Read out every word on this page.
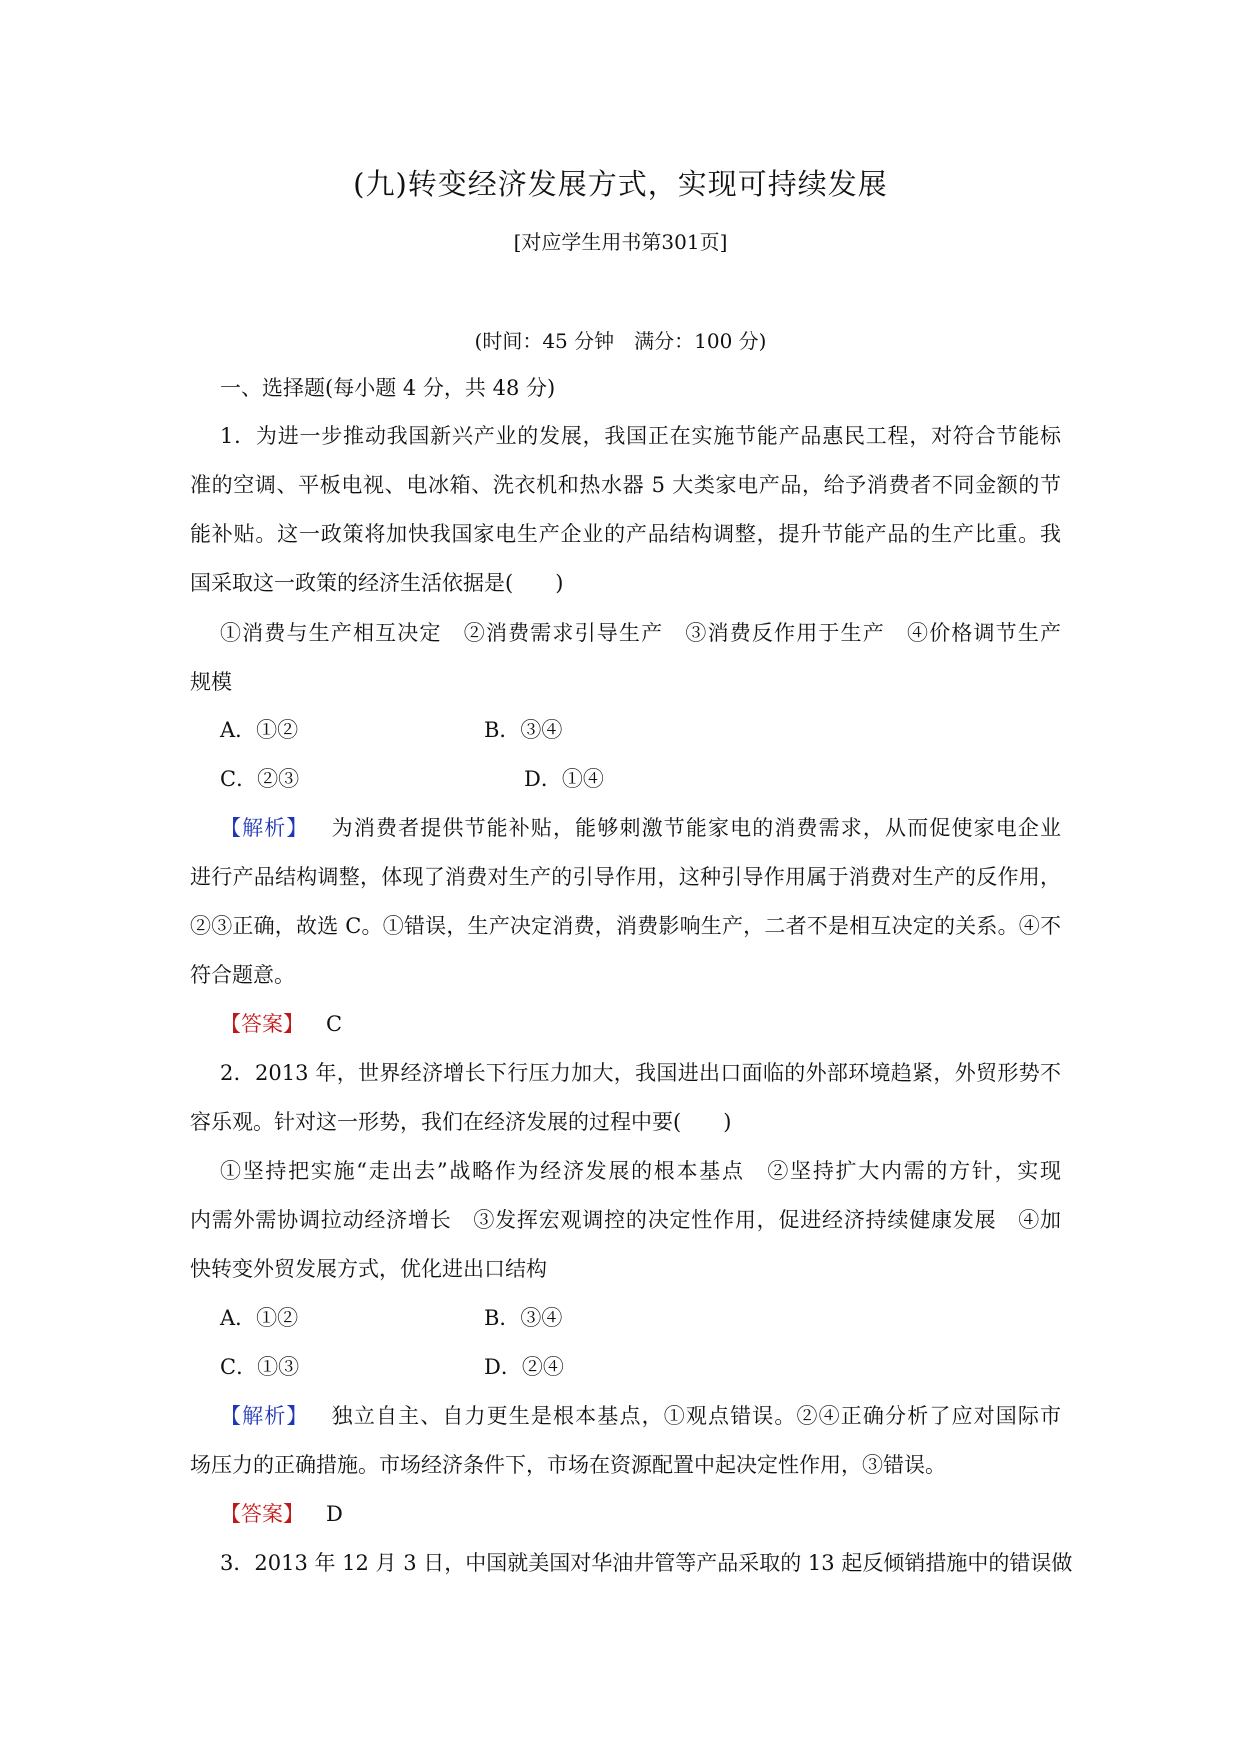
(九)转变经济发展方式，实现可持续发展
[对应学生用书第301页]
(时间：45 分钟　满分：100 分)
一、选择题(每小题 4 分，共 48 分)
1．为进一步推动我国新兴产业的发展，我国正在实施节能产品惠民工程，对符合节能标
准的空调、平板电视、电冰箱、洗衣机和热水器 5 大类家电产品，给予消费者不同金额的节
能补贴。这一政策将加快我国家电生产企业的产品结构调整，提升节能产品的生产比重。我
国采取这一政策的经济生活依据是(　　)
①消费与生产相互决定　②消费需求引导生产　③消费反作用于生产　④价格调节生产
规模
A．①②	B．③④
C．②③	D．①④
【解析】 为消费者提供节能补贴，能够刺激节能家电的消费需求，从而促使家电企业
进行产品结构调整，体现了消费对生产的引导作用，这种引导作用属于消费对生产的反作用，
②③正确，故选 C。①错误，生产决定消费，消费影响生产，二者不是相互决定的关系。④不
符合题意。
【答案】 C
2．2013 年，世界经济增长下行压力加大，我国进出口面临的外部环境趋紧，外贸形势不
容乐观。针对这一形势，我们在经济发展的过程中要(　　)
①坚持把实施“走出去”战略作为经济发展的根本基点　②坚持扩大内需的方针，实现
内需外需协调拉动经济增长　③发挥宏观调控的决定性作用，促进经济持续健康发展　④加
快转变外贸发展方式，优化进出口结构
A．①②	B．③④
C．①③	D．②④
【解析】 独立自主、自力更生是根本基点，①观点错误。②④正确分析了应对国际市
场压力的正确措施。市场经济条件下，市场在资源配置中起决定性作用，③错误。
【答案】 D
3．2013 年 12 月 3 日，中国就美国对华油井管等产品采取的 13 起反倾销措施中的错误做
